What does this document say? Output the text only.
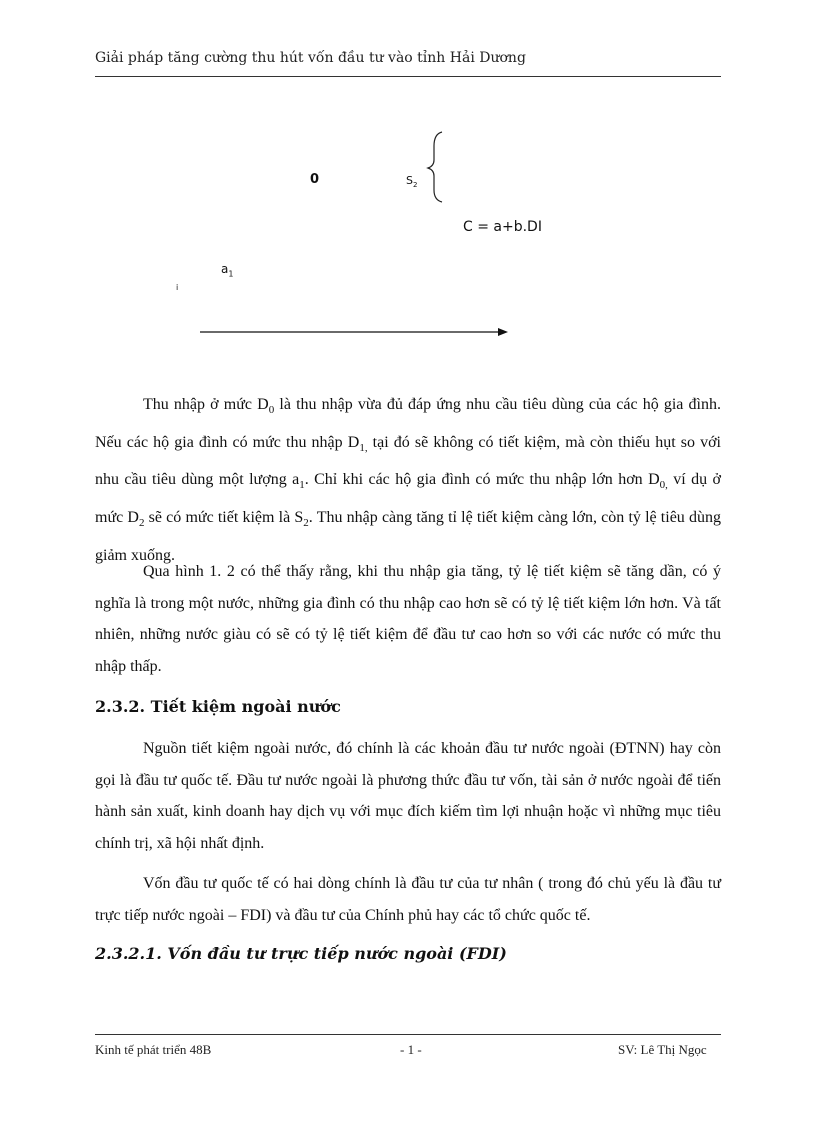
Giải pháp tăng cường thu hút vốn đầu tư vào tỉnh Hải Dương
0	$S_2$
C = a+b.DI
$a_1$
i
Thu nhập ở mức $D_0$ là thu nhập vừa đủ đáp ứng nhu cầu tiêu dùng của các hộ gia đình. Nếu các hộ gia đình có mức thu nhập $D_{1,}$ tại đó sẽ không có tiết kiệm, mà còn thiếu hụt so với nhu cầu tiêu dùng một lượng $a_1$. Chỉ khi các hộ gia đình có mức thu nhập lớn hơn $D_{0,}$ ví dụ ở mức $D_2$ sẽ có mức tiết kiệm là $S_2$. Thu nhập càng tăng tỉ lệ tiết kiệm càng lớn, còn tỷ lệ tiêu dùng giảm xuống.
Qua hình 1. 2 có thể thấy rằng, khi thu nhập gia tăng, tỷ lệ tiết kiệm sẽ tăng dần, có ý nghĩa là trong một nước, những gia đình có thu nhập cao hơn sẽ có tỷ lệ tiết kiệm lớn hơn. Và tất nhiên, những nước giàu có sẽ có tỷ lệ tiết kiệm để đầu tư cao hơn so với các nước có mức thu nhập thấp.
2.3.2. Tiết kiệm ngoài nước
Nguồn tiết kiệm ngoài nước, đó chính là các khoản đầu tư nước ngoài (ĐTNN) hay còn gọi là đầu tư quốc tế. Đầu tư nước ngoài là phương thức đầu tư vốn, tài sản ở nước ngoài để tiến hành sản xuất, kinh doanh hay dịch vụ với mục đích kiếm tìm lợi nhuận hoặc vì những mục tiêu chính trị, xã hội nhất định.
Vốn đầu tư quốc tế có hai dòng chính là đầu tư của tư nhân ( trong đó chủ yếu là đầu tư trực tiếp nước ngoài – FDI) và đầu tư của Chính phủ hay các tổ chức quốc tế.
2.3.2.1. Vốn đầu tư trực tiếp nước ngoài (FDI)
Kinh tế phát triển 48B	- 1 -	SV: Lê Thị Ngọc
